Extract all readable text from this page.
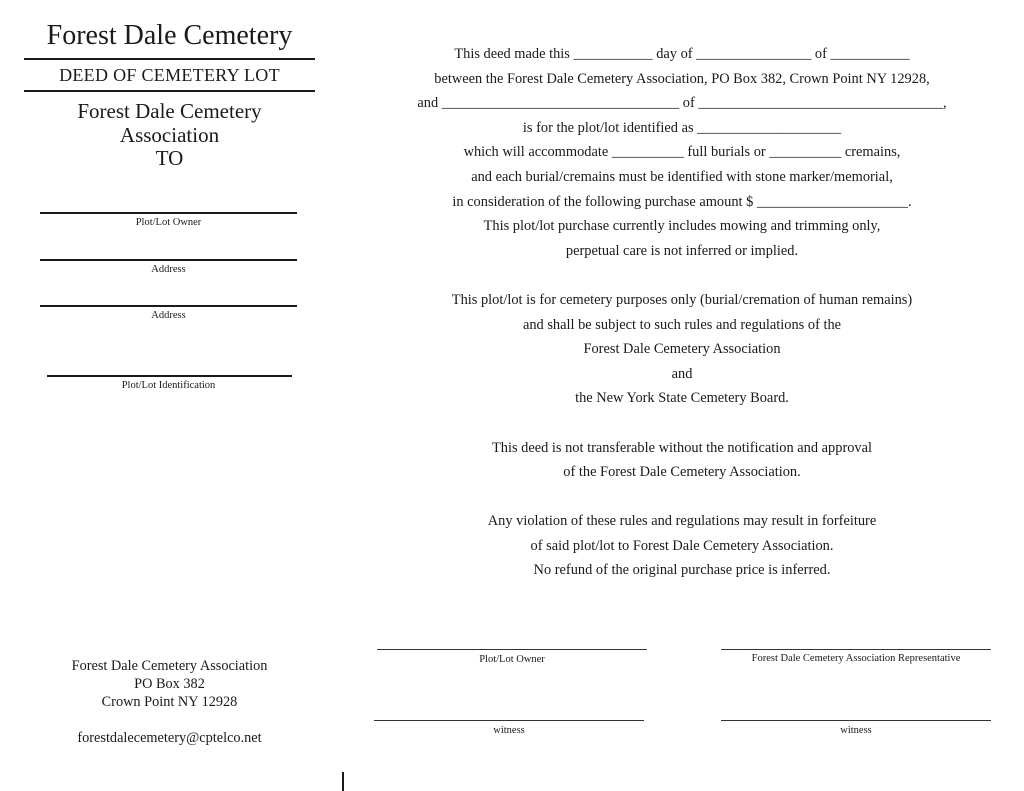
Forest Dale Cemetery
DEED OF CEMETERY LOT
Forest Dale Cemetery
Association
TO
Plot/Lot Owner
Address
Address
Plot/Lot Identification

This deed made this ___________ day of ________________ of ___________

between the Forest Dale Cemetery Association, PO Box 382, Crown Point NY 12928,

and _________________________________ of __________________________________,

is for the plot/lot identified as ____________________

which will accommodate __________ full burials or __________ cremains,

and each burial/cremains must be identified with stone marker/memorial,

in consideration of the following purchase amount $ _____________________.

This plot/lot purchase currently includes mowing and trimming only,

perpetual care is not inferred or implied.

This plot/lot is for cemetery purposes only (burial/cremation of human remains)

and shall be subject to such rules and regulations of the

Forest Dale Cemetery Association

and

the New York State Cemetery Board.

This deed is not transferable without the notification and approval

of the Forest Dale Cemetery Association.

Any violation of these rules and regulations may result in forfeiture

of said plot/lot to Forest Dale Cemetery Association.

No refund of the original purchase price is inferred.

Plot/Lot Owner	Forest Dale Cemetery Association Representative
witness	witness
Forest Dale Cemetery Association
PO Box 382
Crown Point NY 12928
forestdalecemetery@cptelco.net
